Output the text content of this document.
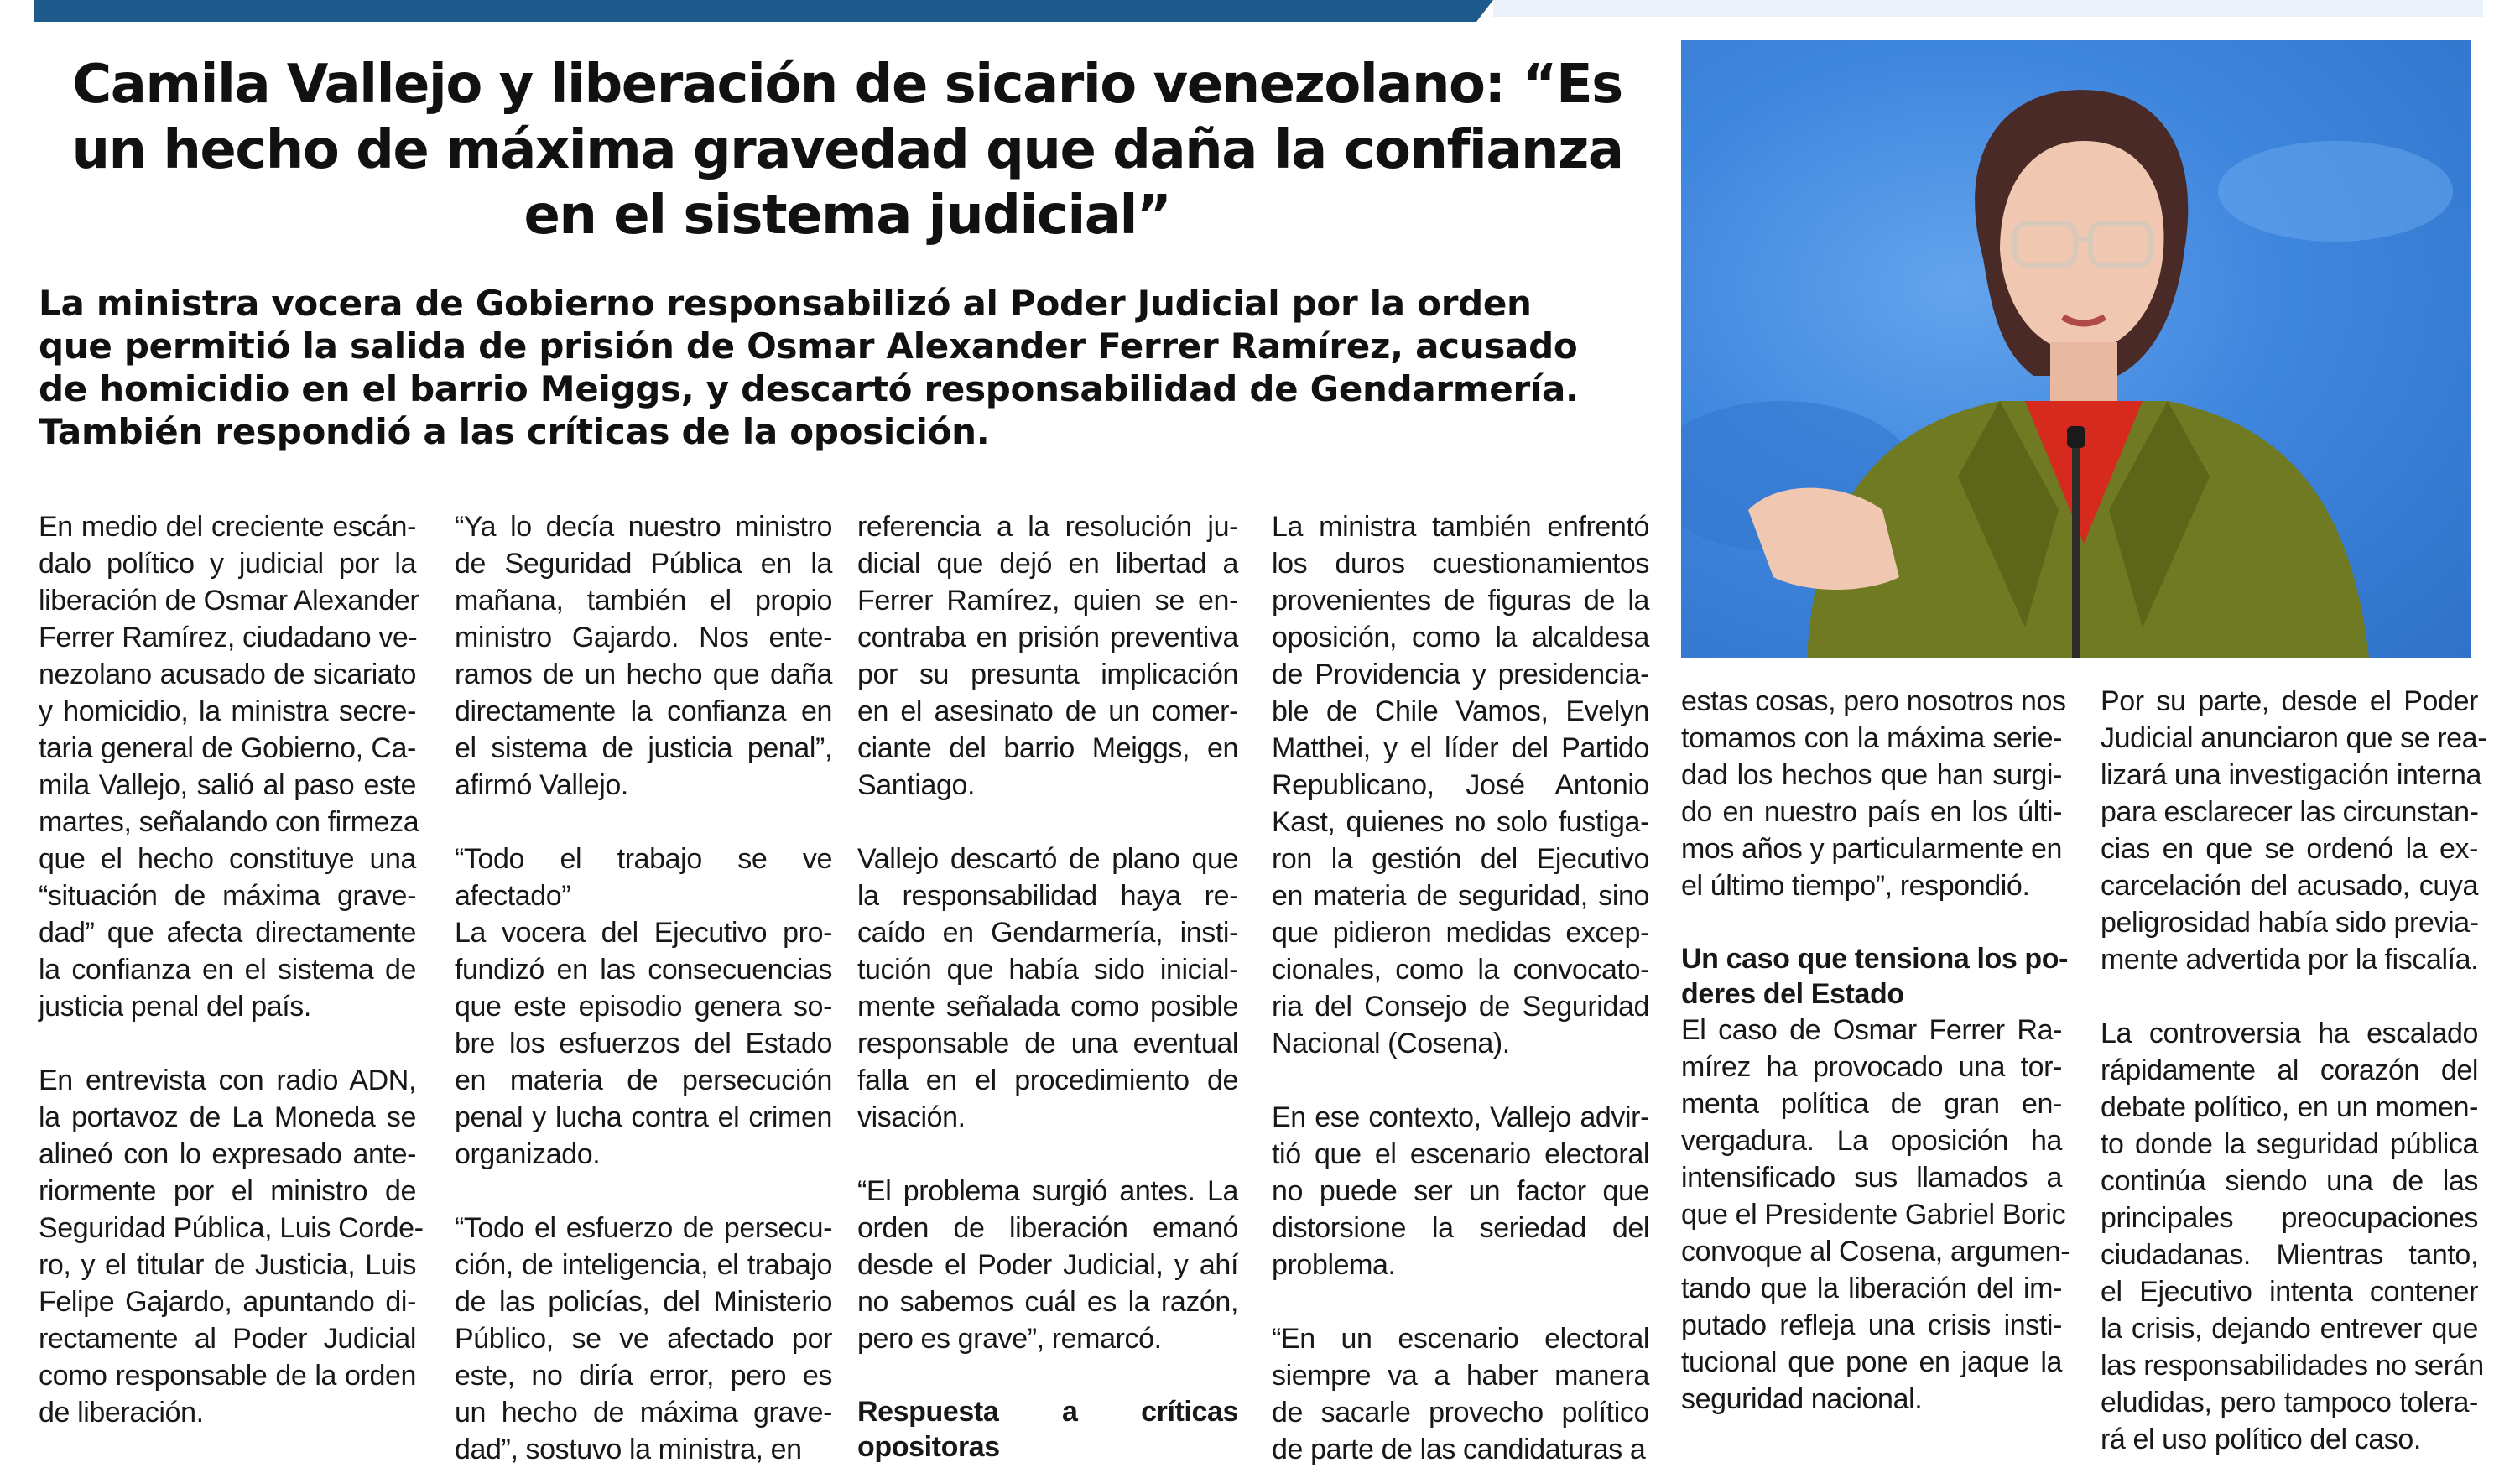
Camila Vallejo y liberación de sicario venezolano: “Es
un hecho de máxima gravedad que daña la confianza
en el sistema judicial”

La ministra vocera de Gobierno responsabilizó al Poder Judicial por la orden

que permitió la salida de prisión de Osmar Alexander Ferrer Ramírez, acusado

de homicidio en el barrio Meiggs, y descartó responsabilidad de Gendarmería.

También respondió a las críticas de la oposición.

En medio del creciente escán-
dalo político y judicial por la
liberación de Osmar Alexander
Ferrer Ramírez, ciudadano ve-
nezolano acusado de sicariato
y homicidio, la ministra secre-
taria general de Gobierno, Ca-
mila Vallejo, salió al paso este
martes, señalando con firmeza
que el hecho constituye una
“situación de máxima grave-
dad” que afecta directamente
la confianza en el sistema de
justicia penal del país.

En entrevista con radio ADN,
la portavoz de La Moneda se
alineó con lo expresado ante-
riormente por el ministro de
Seguridad Pública, Luis Corde-
ro, y el titular de Justicia, Luis
Felipe Gajardo, apuntando di-
rectamente al Poder Judicial
como responsable de la orden
de liberación.

“Ya lo decía nuestro ministro
de Seguridad Pública en la
mañana, también el propio
ministro Gajardo. Nos ente-
ramos de un hecho que daña
directamente la confianza en
el sistema de justicia penal”,
afirmó Vallejo.

“Todo el trabajo se ve
afectado”
La vocera del Ejecutivo pro-
fundizó en las consecuencias
que este episodio genera so-
bre los esfuerzos del Estado
en materia de persecución
penal y lucha contra el crimen
organizado.

“Todo el esfuerzo de persecu-
ción, de inteligencia, el trabajo
de las policías, del Ministerio
Público, se ve afectado por
este, no diría error, pero es
un hecho de máxima grave-
dad”, sostuvo la ministra, en

referencia a la resolución ju-
dicial que dejó en libertad a
Ferrer Ramírez, quien se en-
contraba en prisión preventiva
por su presunta implicación
en el asesinato de un comer-
ciante del barrio Meiggs, en
Santiago.

Vallejo descartó de plano que
la responsabilidad haya re-
caído en Gendarmería, insti-
tución que había sido inicial-
mente señalada como posible
responsable de una eventual
falla en el procedimiento de
visación.

“El problema surgió antes. La
orden de liberación emanó
desde el Poder Judicial, y ahí
no sabemos cuál es la razón,
pero es grave”, remarcó.

Respuesta a críticas
opositoras

La ministra también enfrentó
los duros cuestionamientos
provenientes de figuras de la
oposición, como la alcaldesa
de Providencia y presidencia-
ble de Chile Vamos, Evelyn
Matthei, y el líder del Partido
Republicano, José Antonio
Kast, quienes no solo fustiga-
ron la gestión del Ejecutivo
en materia de seguridad, sino
que pidieron medidas excep-
cionales, como la convocato-
ria del Consejo de Seguridad
Nacional (Cosena).

En ese contexto, Vallejo advir-
tió que el escenario electoral
no puede ser un factor que
distorsione la seriedad del
problema.

“En un escenario electoral
siempre va a haber manera
de sacarle provecho político
de parte de las candidaturas a

estas cosas, pero nosotros nos
tomamos con la máxima serie-
dad los hechos que han surgi-
do en nuestro país en los últi-
mos años y particularmente en
el último tiempo”, respondió.

Un caso que tensiona los po-
deres del Estado

El caso de Osmar Ferrer Ra-
mírez ha provocado una tor-
menta política de gran en-
vergadura. La oposición ha
intensificado sus llamados a
que el Presidente Gabriel Boric
convoque al Cosena, argumen-
tando que la liberación del im-
putado refleja una crisis insti-
tucional que pone en jaque la
seguridad nacional.

Por su parte, desde el Poder
Judicial anunciaron que se rea-
lizará una investigación interna
para esclarecer las circunstan-
cias en que se ordenó la ex-
carcelación del acusado, cuya
peligrosidad había sido previa-
mente advertida por la fiscalía.

La controversia ha escalado
rápidamente al corazón del
debate político, en un momen-
to donde la seguridad pública
continúa siendo una de las
principales preocupaciones
ciudadanas. Mientras tanto,
el Ejecutivo intenta contener
la crisis, dejando entrever que
las responsabilidades no serán
eludidas, pero tampoco tolera-
rá el uso político del caso.
